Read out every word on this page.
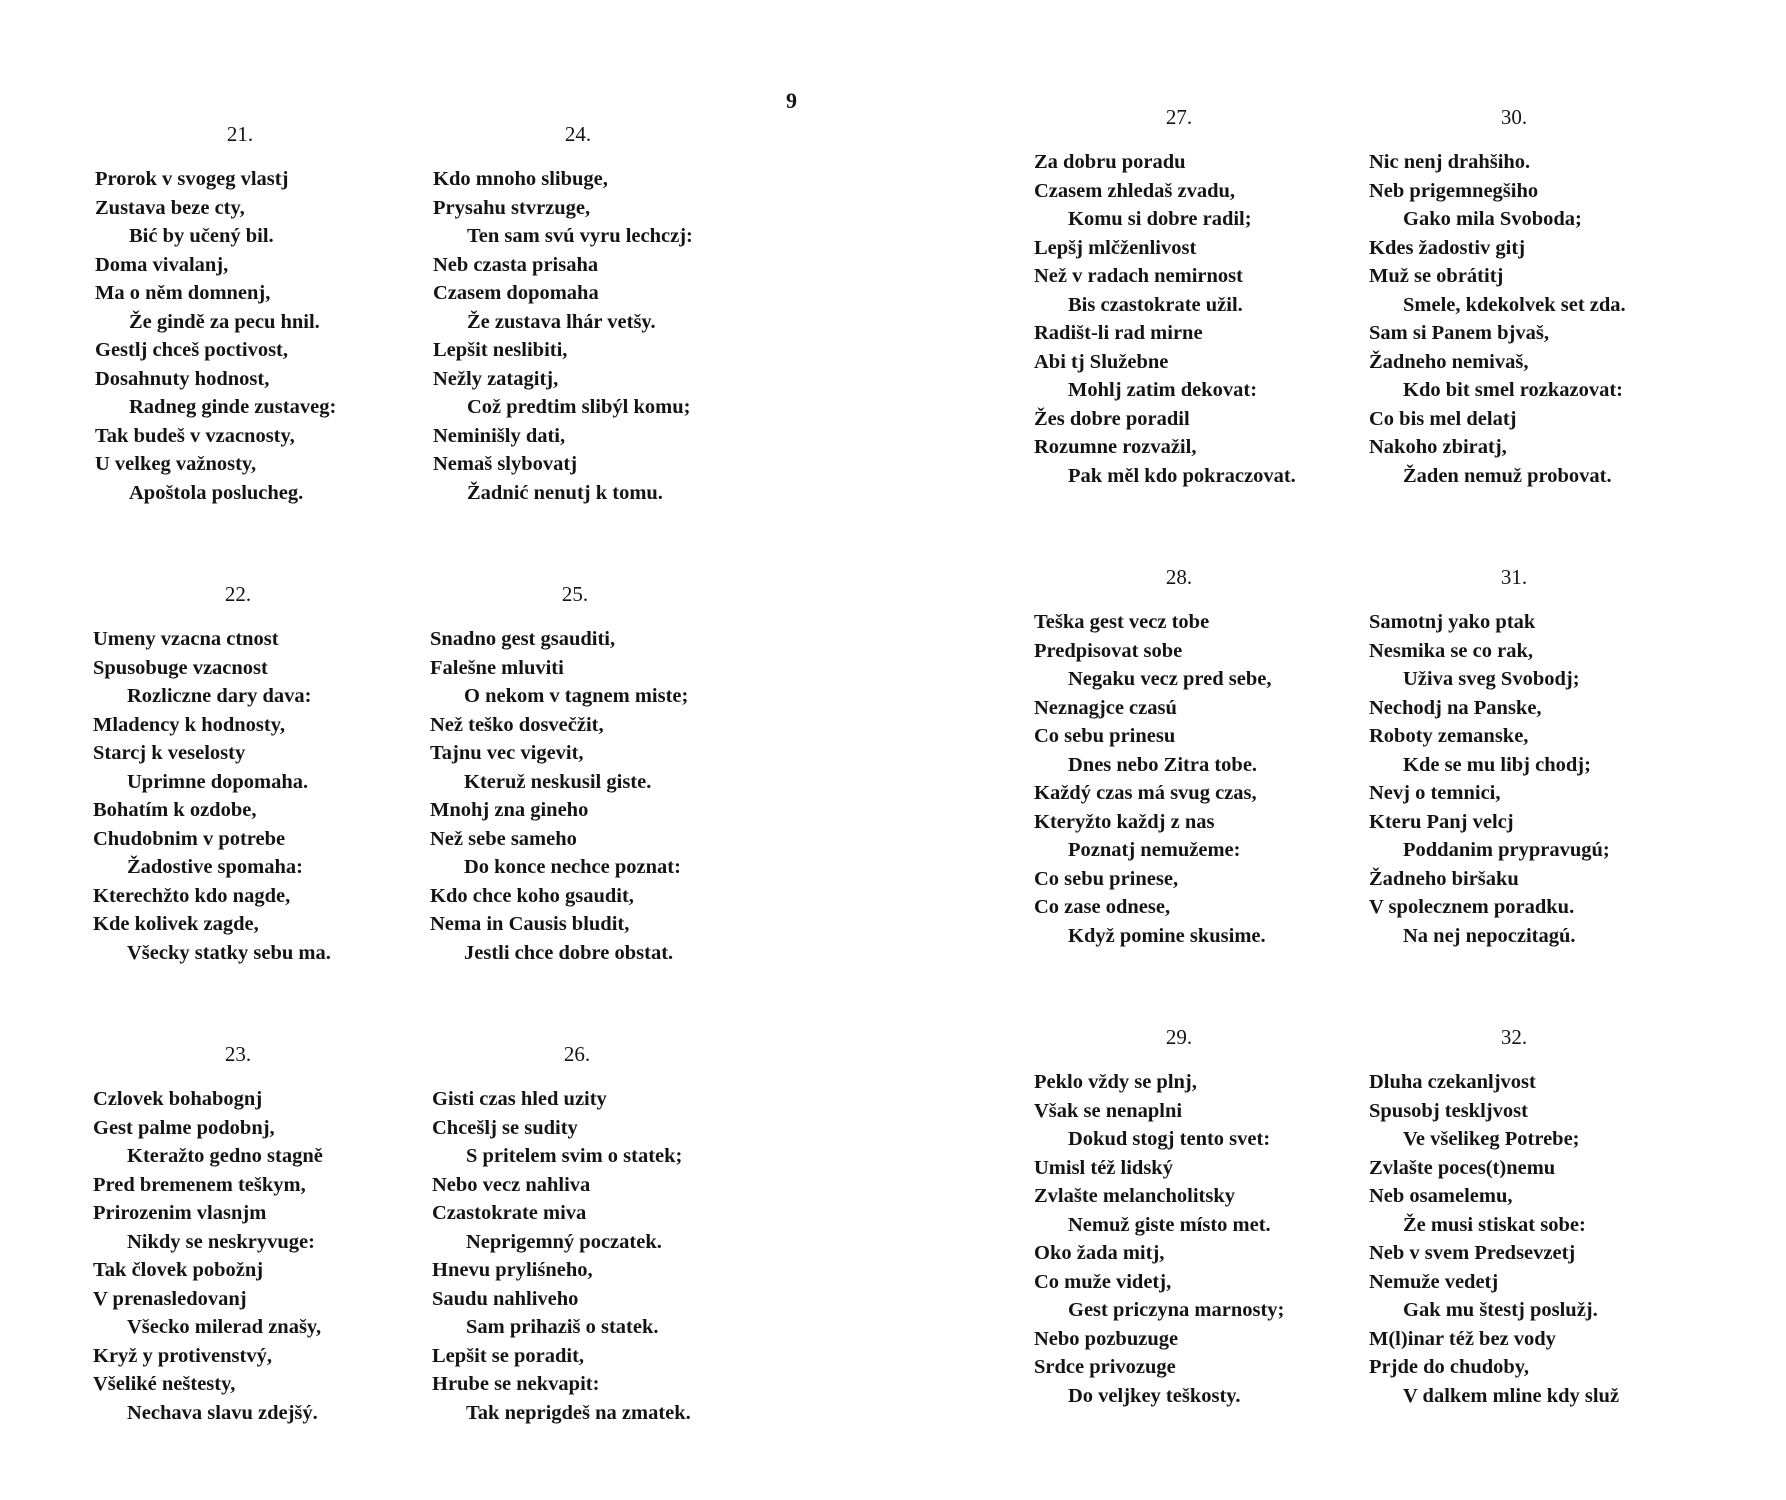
9
21.
Prorok v svogeg vlastj
Zustava beze cty,
Bić by učený bil.
Doma vivalanj,
Ma o něm domnenj,
Že gindě za pecu hnil.
Gestlj chceš poctivost,
Dosahnuty hodnost,
Radneg ginde zustaveg:
Tak budeš v vzacnosty,
U velkeg važnosty,
Apoštola poslucheg.
24.
Kdo mnoho slibuge,
Prysahu stvrzuge,
Ten sam svú vyru lechczj:
Neb czasta prisaha
Czasem dopomaha
Že zustava lhár vetšy.
Lepšit neslibiti,
Nežly zatagitj,
Což predtim slibýl komu;
Neminišly dati,
Nemaš slybovatj
Žadnić nenutj k tomu.
22.
Umeny vzacna ctnost
Spusobuge vzacnost
Rozliczne dary dava:
Mladency k hodnosty,
Starcj k veselosty
Uprimne dopomaha.
Bohatím k ozdobe,
Chudobnim v potrebe
Žadostive spomaha:
Kterechžto kdo nagde,
Kde kolivek zagde,
Všecky statky sebu ma.
25.
Snadno gest gsauditi,
Falešne mluviti
O nekom v tagnem miste;
Než teško dosvečžit,
Tajnu vec vigevit,
Kteruž neskusil giste.
Mnohj zna gineho
Než sebe sameho
Do konce nechce poznat:
Kdo chce koho gsaudit,
Nema in Causis bludit,
Jestli chce dobre obstat.
23.
Czlovek bohabognj
Gest palme podobnj,
Kteražto gedno stagně
Pred bremenem teškym,
Prirozenim vlasnjm
Nikdy se neskryvuge:
Tak človek pobožnj
V prenasledovanj
Všecko milerad znašy,
Kryž y protivenstvý,
Všeliké neštesty,
Nechava slavu zdejšý.
26.
Gisti czas hled uzity
Chcešlj se sudity
S pritelem svim o statek;
Nebo vecz nahliva
Czastokrate miva
Neprigemný poczatek.
Hnevu pryliśneho,
Saudu nahliveho
Sam prihaziš o statek.
Lepšit se poradit,
Hrube se nekvapit:
Tak neprigdeš na zmatek.
27.
Za dobru poradu
Czasem zhledaš zvadu,
Komu si dobre radil;
Lepšj mlčženlivost
Než v radach nemirnost
Bis czastokrate užil.
Radišt-li rad mirne
Abi tj Služebne
Mohlj zatim dekovat:
Žes dobre poradil
Rozumne rozvažil,
Pak měl kdo pokraczovat.
30.
Nic nenj drahšiho.
Neb prigemnegšiho
Gako mila Svoboda;
Kdes žadostiv gitj
Muž se obrátitj
Smele, kdekolvek set zda.
Sam si Panem bjvaš,
Žadneho nemivaš,
Kdo bit smel rozkazovat:
Co bis mel delatj
Nakoho zbiratj,
Žaden nemuž probovat.
28.
Teška gest vecz tobe
Predpisovat sobe
Negaku vecz pred sebe,
Neznagjce czasú
Co sebu prinesu
Dnes nebo Zitra tobe.
Každý czas má svug czas,
Kteryžto každj z nas
Poznatj nemužeme:
Co sebu prinese,
Co zase odnese,
Když pomine skusime.
31.
Samotnj yako ptak
Nesmika se co rak,
Uživa sveg Svobodj;
Nechodj na Panske,
Roboty zemanske,
Kde se mu libj chodj;
Nevj o temnici,
Kteru Panj velcj
Poddanim prypravugú;
Žadneho biršaku
V spolecznem poradku.
Na nej nepoczitagú.
29.
Peklo vždy se plnj,
Však se nenaplni
Dokud stogj tento svet:
Umisl též lidský
Zvlašte melancholitsky
Nemuž giste místo met.
Oko žada mitj,
Co muže videtj,
Gest priczyna marnosty;
Nebo pozbuzuge
Srdce privozuge
Do veljkey teškosty.
32.
Dluha czekanljvost
Spusobj teskljvost
Ve všelikeg Potrebe;
Zvlašte poces(t)nemu
Neb osamelemu,
Že musi stiskat sobe:
Neb v svem Predsevzetj
Nemuže vedetj
Gak mu štestj poslužj.
M(l)inar též bez vody
Prjde do chudoby,
V dalkem mline kdy služ
